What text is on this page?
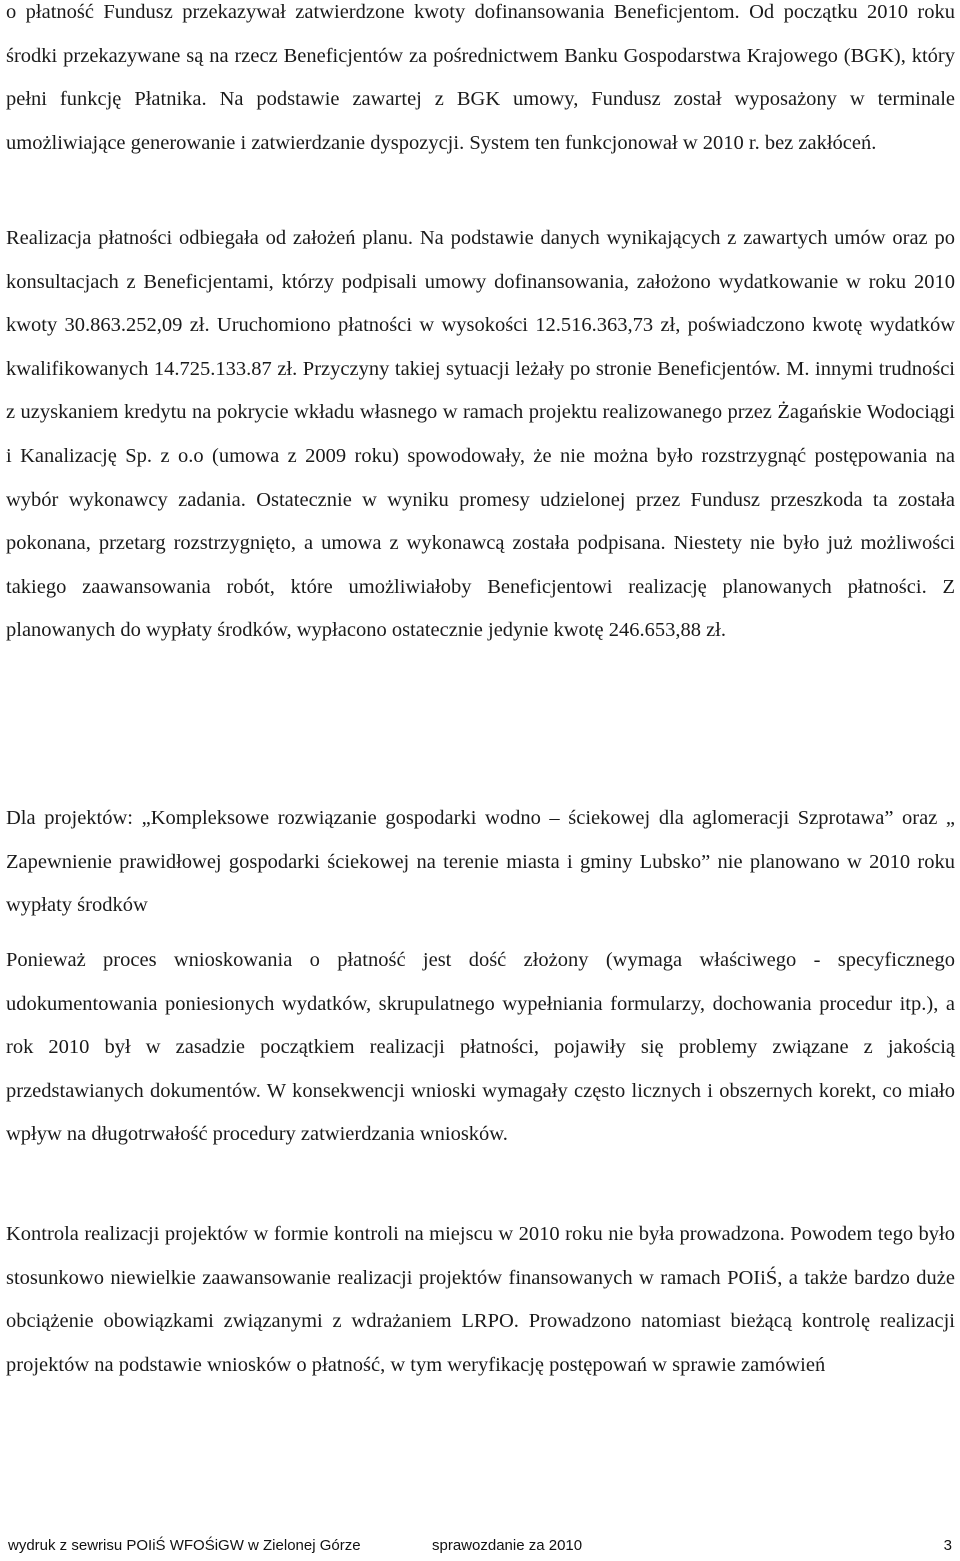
o płatność Fundusz przekazywał zatwierdzone kwoty dofinansowania Beneficjentom. Od początku 2010 roku środki przekazywane są na rzecz Beneficjentów za pośrednictwem Banku Gospodarstwa Krajowego (BGK), który pełni funkcję Płatnika. Na podstawie zawartej z BGK umowy, Fundusz został wyposażony w terminale umożliwiające generowanie i zatwierdzanie dyspozycji. System ten funkcjonował w 2010 r. bez zakłóceń.

Realizacja płatności odbiegała od założeń planu. Na podstawie danych wynikających z zawartych umów oraz po konsultacjach z Beneficjentami, którzy podpisali umowy dofinansowania, założono wydatkowanie w roku 2010 kwoty 30.863.252,09 zł. Uruchomiono płatności w wysokości 12.516.363,73 zł, poświadczono kwotę wydatków kwalifikowanych 14.725.133.87 zł. Przyczyny takiej sytuacji leżały po stronie Beneficjentów. M. innymi trudności z uzyskaniem kredytu na pokrycie wkładu własnego w ramach projektu realizowanego przez Żagańskie Wodociągi i Kanalizację Sp. z o.o (umowa z 2009 roku) spowodowały, że nie można było rozstrzygnąć postępowania na wybór wykonawcy zadania. Ostatecznie w wyniku promesy udzielonej przez Fundusz przeszkoda ta została pokonana, przetarg rozstrzygnięto, a umowa z wykonawcą została podpisana. Niestety nie było już możliwości takiego zaawansowania robót, które umożliwiałoby Beneficjentowi realizację planowanych płatności. Z planowanych do wypłaty środków, wypłacono ostatecznie jedynie kwotę 246.653,88 zł.

Dla projektów: „Kompleksowe rozwiązanie gospodarki wodno – ściekowej dla aglomeracji Szprotawa” oraz „ Zapewnienie prawidłowej gospodarki ściekowej na terenie miasta i gminy Lubsko” nie planowano w 2010 roku wypłaty środków

Ponieważ proces wnioskowania o płatność jest dość złożony (wymaga właściwego - specyficznego udokumentowania poniesionych wydatków, skrupulatnego wypełniania formularzy, dochowania procedur itp.), a rok 2010 był w zasadzie początkiem realizacji płatności, pojawiły się problemy związane z jakością przedstawianych dokumentów. W konsekwencji wnioski wymagały często licznych i obszernych korekt, co miało wpływ na długotrwałość procedury zatwierdzania wniosków.

Kontrola realizacji projektów w formie kontroli na miejscu w 2010 roku nie była prowadzona. Powodem tego było stosunkowo niewielkie zaawansowanie realizacji projektów finansowanych w ramach POIiŚ, a także bardzo duże obciążenie obowiązkami związanymi z wdrażaniem LRPO. Prowadzono natomiast bieżącą kontrolę realizacji projektów na podstawie wniosków o płatność, w tym weryfikację postępowań w sprawie zamówień

wydruk z sewrisu POIiŚ WFOŚiGW w Zielonej Górze	sprawozdanie za 2010	3
